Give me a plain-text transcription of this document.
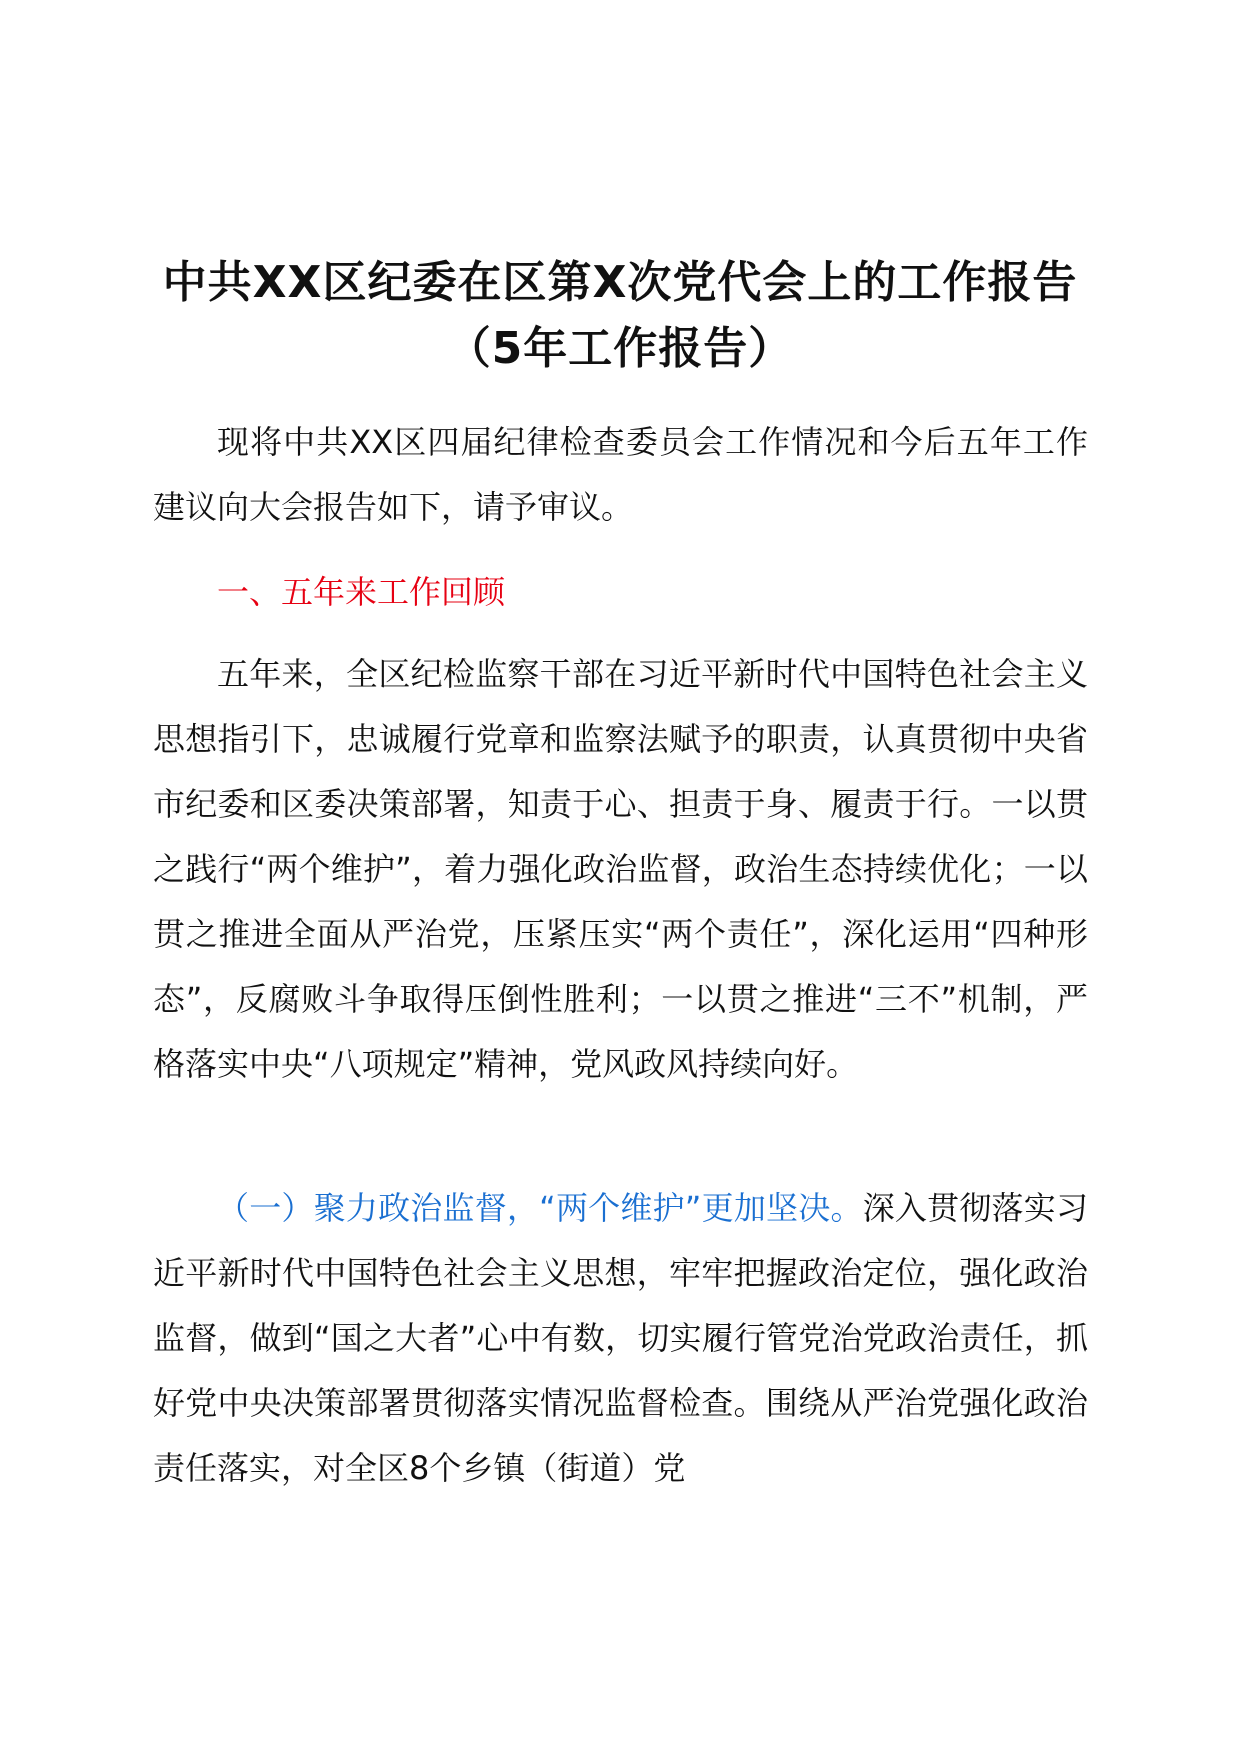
中共XX区纪委在区第X次党代会上的工作报告（5年工作报告）

现将中共XX区四届纪律检查委员会工作情况和今后五年工作建议向大会报告如下，请予审议。

一、五年来工作回顾

五年来，全区纪检监察干部在习近平新时代中国特色社会主义思想指引下，忠诚履行党章和监察法赋予的职责，认真贯彻中央省市纪委和区委决策部署，知责于心、担责于身、履责于行。一以贯之践行“两个维护”，着力强化政治监督，政治生态持续优化；一以贯之推进全面从严治党，压紧压实“两个责任”，深化运用“四种形态”，反腐败斗争取得压倒性胜利；一以贯之推进“三不”机制，严格落实中央“八项规定”精神，党风政风持续向好。

（一）聚力政治监督，“两个维护”更加坚决。深入贯彻落实习近平新时代中国特色社会主义思想，牢牢把握政治定位，强化政治监督，做到“国之大者”心中有数，切实履行管党治党政治责任，抓好党中央决策部署贯彻落实情况监督检查。围绕从严治党强化政治责任落实，对全区8个乡镇（街道）党
